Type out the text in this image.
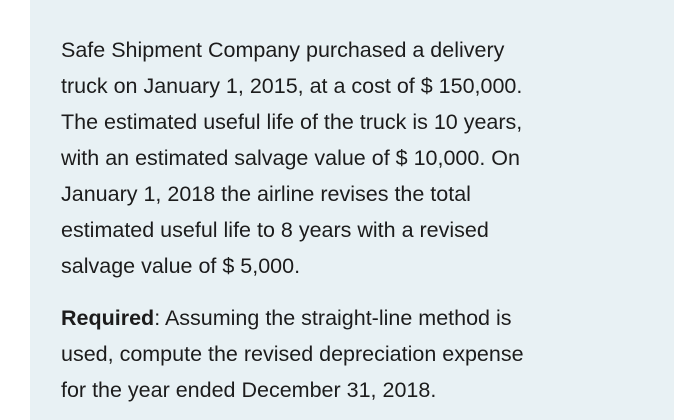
Safe Shipment Company purchased a delivery
truck on January 1, 2015, at a cost of $ 150,000.
The estimated useful life of the truck is 10 years,
with an estimated salvage value of $ 10,000. On
January 1, 2018 the airline revises the total
estimated useful life to 8 years with a revised
salvage value of $ 5,000.

Required: Assuming the straight-line method is
used, compute the revised depreciation expense
for the year ended December 31, 2018.
